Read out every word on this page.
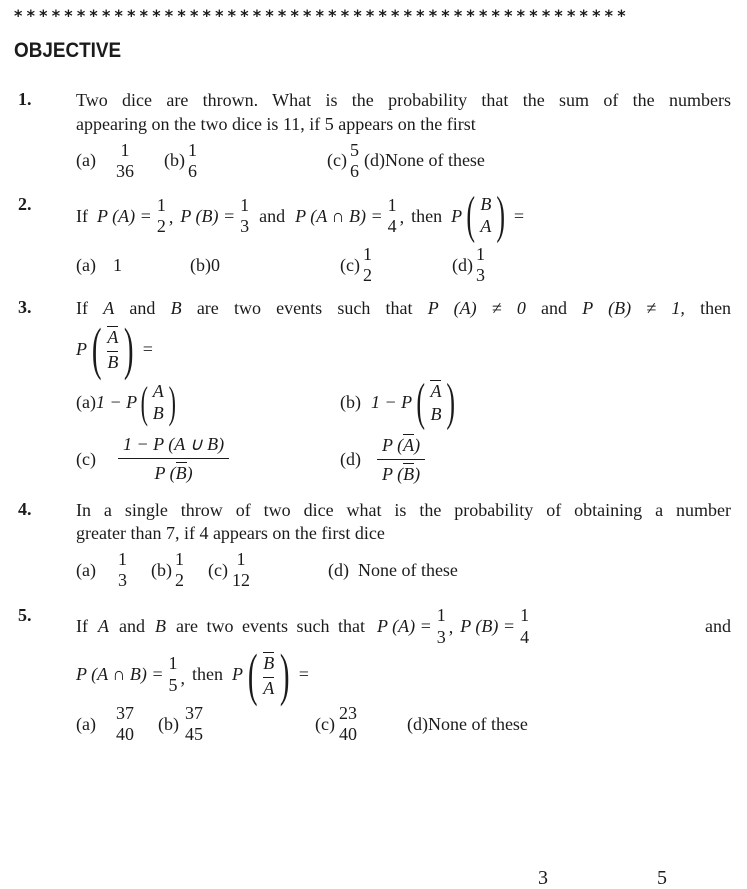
*************************************************
OBJECTIVE
1.	Two dice are thrown. What is the probability that the sum of the numbers
appearing on the two dice is 11, if 5 appears on the first
(a)
1
36
(b)
1
6
(c)
5
6
(d)None of these
2.
If P (A) =
1
2 , P (B) =
1
3
and P (A ∩ B) =
1
4 , then P ( B
A ) =
(a) 1	(b)0	(c)
1
2
(d)
1
3
3.	If A and B are two events such that P (A) ≠ 0 and P (B) ≠ 1, then
P ( A
B ) =
(a) 1 − P ( A
B )	(b) 1 − P ( A
B )
$(c) \frac{1 - P (A \cup B)}{P (B)}$	$(d) \frac{P (A)}{P (B)}$
4.	In a single throw of two dice what is the probability of obtaining a number
greater than 7, if 4 appears on the first dice
(a)
1
3
(b)
1
2
(c)
1
12
(d)  None of these
5.
If A and B are two events such that P (A) =
1
3 , P (B) =
1
4
and
P (A ∩ B) =
1
5 , then P ( B
A ) =
(a)
37
40
(b)
37
45
(c)
23
40
(d)None of these
3	5
